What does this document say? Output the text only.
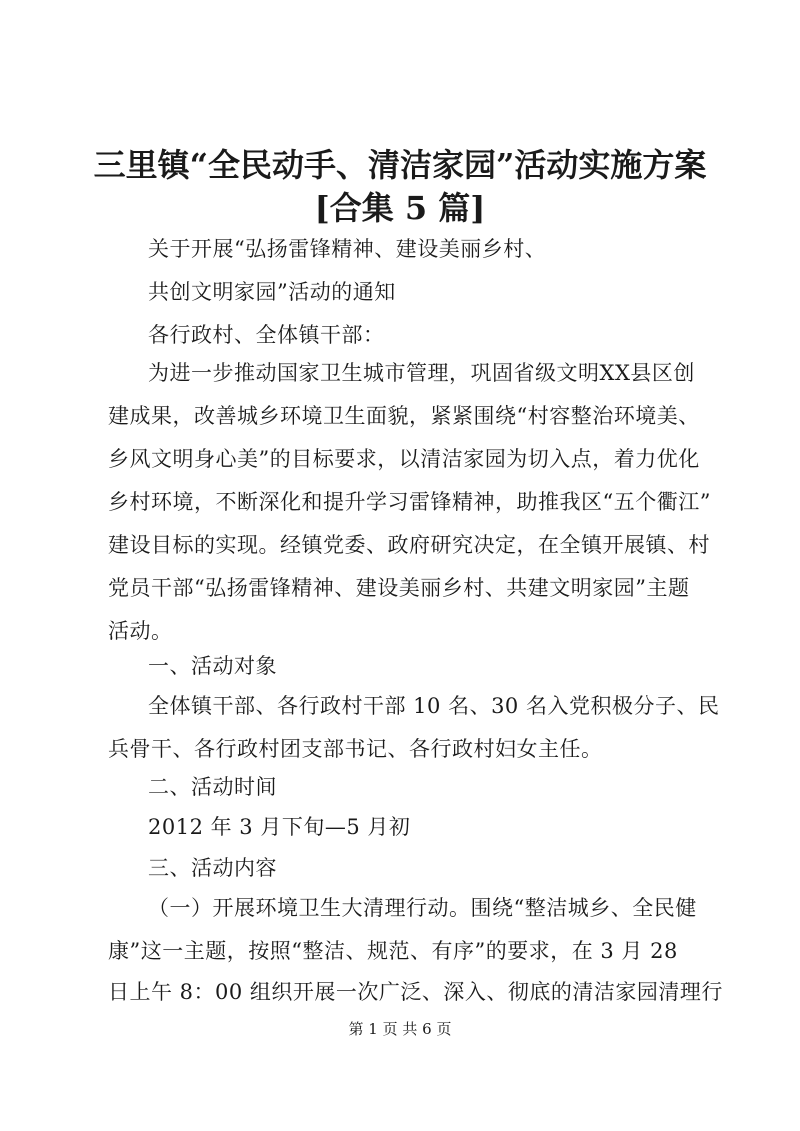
三里镇“全民动手、清洁家园”活动实施方案
[合集 5 篇]
关于开展“弘扬雷锋精神、建设美丽乡村、
共创文明家园”活动的通知
各行政村、全体镇干部：
为进一步推动国家卫生城市管理，巩固省级文明XX县区创
建成果，改善城乡环境卫生面貌，紧紧围绕“村容整治环境美、
乡风文明身心美”的目标要求，以清洁家园为切入点，着力优化
乡村环境，不断深化和提升学习雷锋精神，助推我区“五个衢江”
建设目标的实现。经镇党委、政府研究决定，在全镇开展镇、村
党员干部“弘扬雷锋精神、建设美丽乡村、共建文明家园”主题
活动。
一、活动对象
全体镇干部、各行政村干部 10 名、30 名入党积极分子、民
兵骨干、各行政村团支部书记、各行政村妇女主任。
二、活动时间
2012 年 3 月下旬—5 月初
三、活动内容
（一）开展环境卫生大清理行动。围绕“整洁城乡、全民健
康”这一主题，按照“整洁、规范、有序”的要求，在 3 月 28
日上午 8：00 组织开展一次广泛、深入、彻底的清洁家园清理行
第 1 页 共 6 页
